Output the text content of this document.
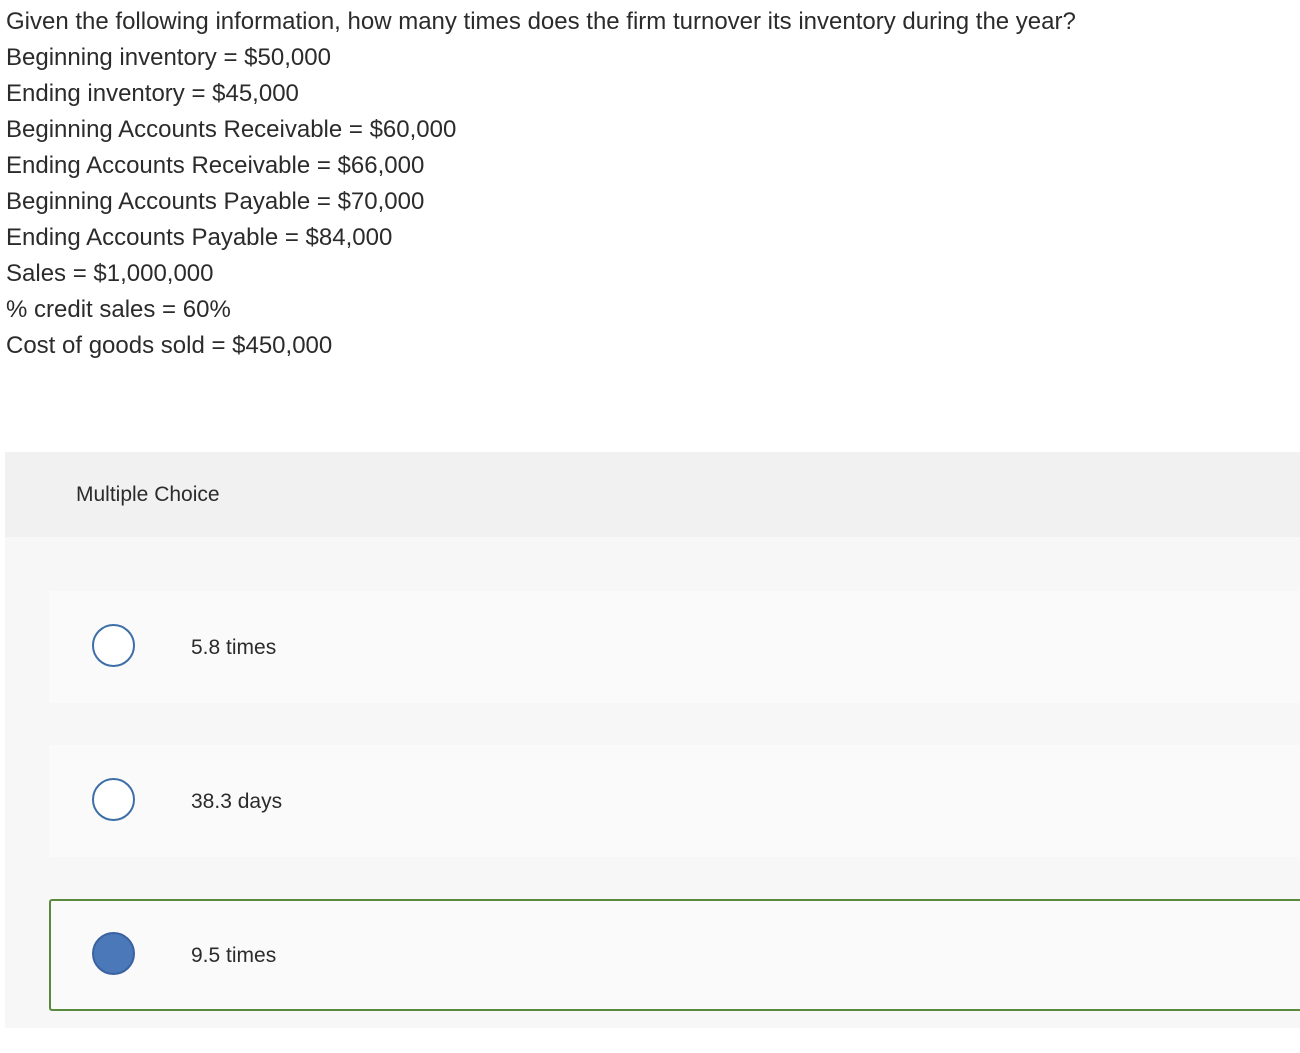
Given the following information, how many times does the firm turnover its inventory during the year?
Beginning inventory = $50,000
Ending inventory = $45,000
Beginning Accounts Receivable = $60,000
Ending Accounts Receivable = $66,000
Beginning Accounts Payable = $70,000
Ending Accounts Payable = $84,000
Sales = $1,000,000
% credit sales = 60%
Cost of goods sold = $450,000
Multiple Choice
5.8 times
38.3 days
9.5 times
